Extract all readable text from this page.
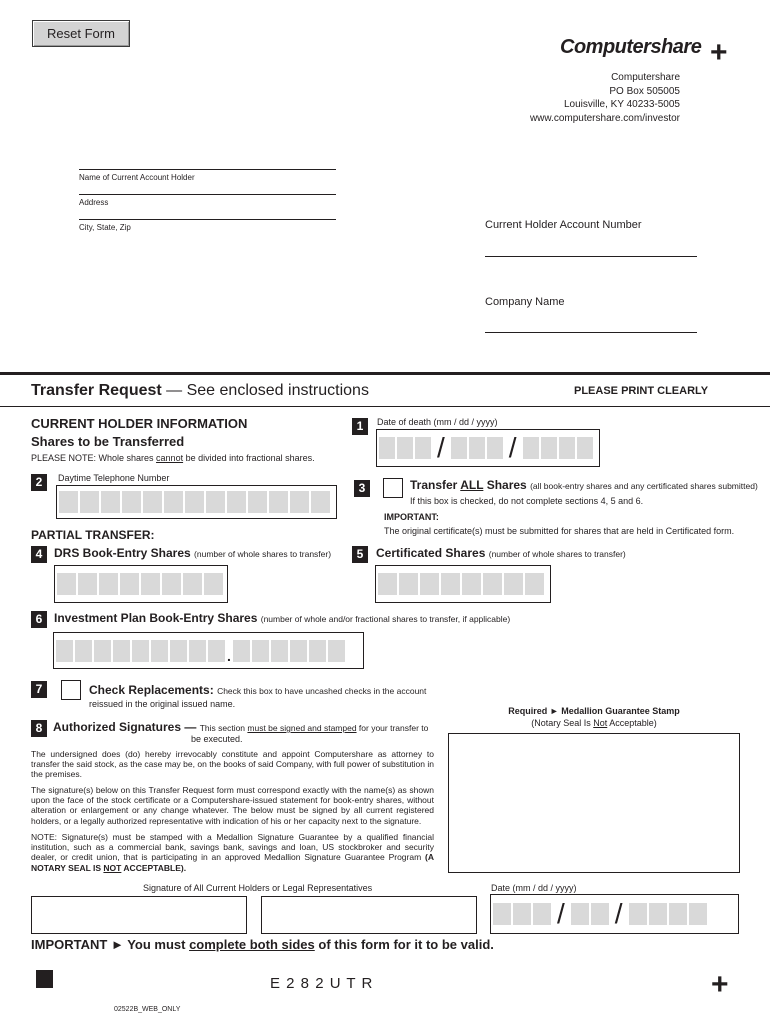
Reset Form
Computershare +
Computershare
PO Box 505005
Louisville, KY 40233-5005
www.computershare.com/investor
Name of Current Account Holder
Address
City, State, Zip	Current Holder Account Number
Company Name
Transfer Request — See enclosed instructions	PLEASE PRINT CLEARLY
CURRENT HOLDER INFORMATION
Shares to be Transferred
PLEASE NOTE: Whole shares cannot be divided into fractional shares.
1	Date of death (mm / dd / yyyy)
/ /
2	Daytime Telephone Number
3	Transfer ALL Shares (all book-entry shares and any certificated shares submitted)
If this box is checked, do not complete sections 4, 5 and 6.
IMPORTANT:
The original certificate(s) must be submitted for shares that are held in Certificated form.
PARTIAL TRANSFER:
4 DRS Book-Entry Shares (number of whole shares to transfer)	5	Certificated Shares (number of whole shares to transfer)
6 Investment Plan Book-Entry Shares (number of whole and/or fractional shares to transfer, if applicable)
.
7	Check Replacements: Check this box to have uncashed checks in the account
reissued in the original issued name.
8 Authorized Signatures — This section must be signed and stamped for your transfer to
be executed.
The undersigned does (do) hereby irrevocably constitute and appoint Computershare as attorney to transfer the said stock, as the case may be, on the books of said Company, with full power of substitution in the premises.
The signature(s) below on this Transfer Request form must correspond exactly with the name(s) as shown upon the face of the stock certificate or a Computershare-issued statement for book-entry shares, without alteration or enlargement or any change whatever. The below must be signed by all current registered holders, or a legally authorized representative with indication of his or her capacity next to the signature.
NOTE: Signature(s) must be stamped with a Medallion Signature Guarantee by a qualified financial institution, such as a commercial bank, savings bank, savings and loan, US stockbroker and security dealer, or credit union, that is participating in an approved Medallion Signature Guarantee Program (A NOTARY SEAL IS NOT ACCEPTABLE).
Required ► Medallion Guarantee Stamp
(Notary Seal Is Not Acceptable)
Signature of All Current Holders or Legal Representatives	Date (mm / dd / yyyy)
/ /
IMPORTANT ► You must complete both sides of this form for it to be valid.
E 2 8 2 U T R	+
02522B_WEB_ONLY
